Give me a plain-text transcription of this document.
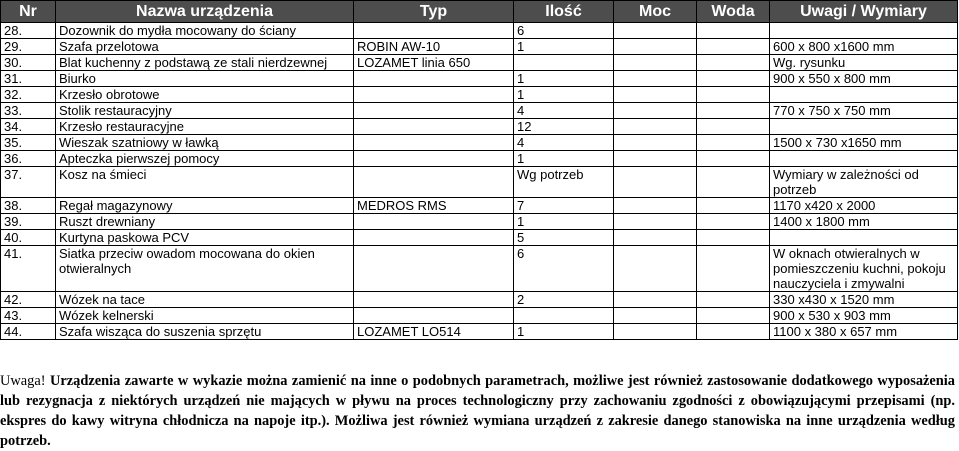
Nr	Nazwa urządzenia	Typ	Ilość	Moc	Woda	Uwagi / Wymiary
28.	Dozownik do mydła mocowany do ściany		6			
29.	Szafa przelotowa	ROBIN AW-10	1			600 x 800 x1600 mm
30.	Blat kuchenny z podstawą ze stali nierdzewnej	LOZAMET linia 650				Wg. rysunku
31.	Biurko		1			900 x 550 x 800 mm
32.	Krzesło obrotowe		1			
33.	Stolik restauracyjny		4			770 x 750 x 750 mm
34.	Krzesło restauracyjne		12			
35.	Wieszak szatniowy w ławką		4			1500 x 730 x1650 mm
36.	Apteczka pierwszej pomocy		1			
37.	Kosz na śmieci		Wg potrzeb			Wymiary w zależności od potrzeb
38.	Regał magazynowy	MEDROS RMS	7			1170 x420 x 2000
39.	Ruszt drewniany		1			1400 x 1800 mm
40.	Kurtyna paskowa PCV		5			
41.	Siatka przeciw owadom mocowana do okien otwieralnych		6			W oknach otwieralnych w pomieszczeniu kuchni, pokoju nauczyciela i zmywalni
42.	Wózek na tace		2			330 x430 x 1520 mm
43.	Wózek kelnerski					900 x 530 x 903 mm
44.	Szafa wisząca do suszenia sprzętu	LOZAMET LO514	1			1100 x 380 x 657 mm

Uwaga! Urządzenia zawarte w wykazie można zamienić na inne o podobnych parametrach, możliwe jest również zastosowanie dodatkowego wyposażenia lub rezygnacja z niektórych urządzeń nie mających w pływu na proces technologiczny przy zachowaniu zgodności z obowiązującymi przepisami (np. ekspres do kawy witryna chłodnicza na napoje itp.). Możliwa jest również wymiana urządzeń z zakresie danego stanowiska na inne urządzenia według potrzeb.
